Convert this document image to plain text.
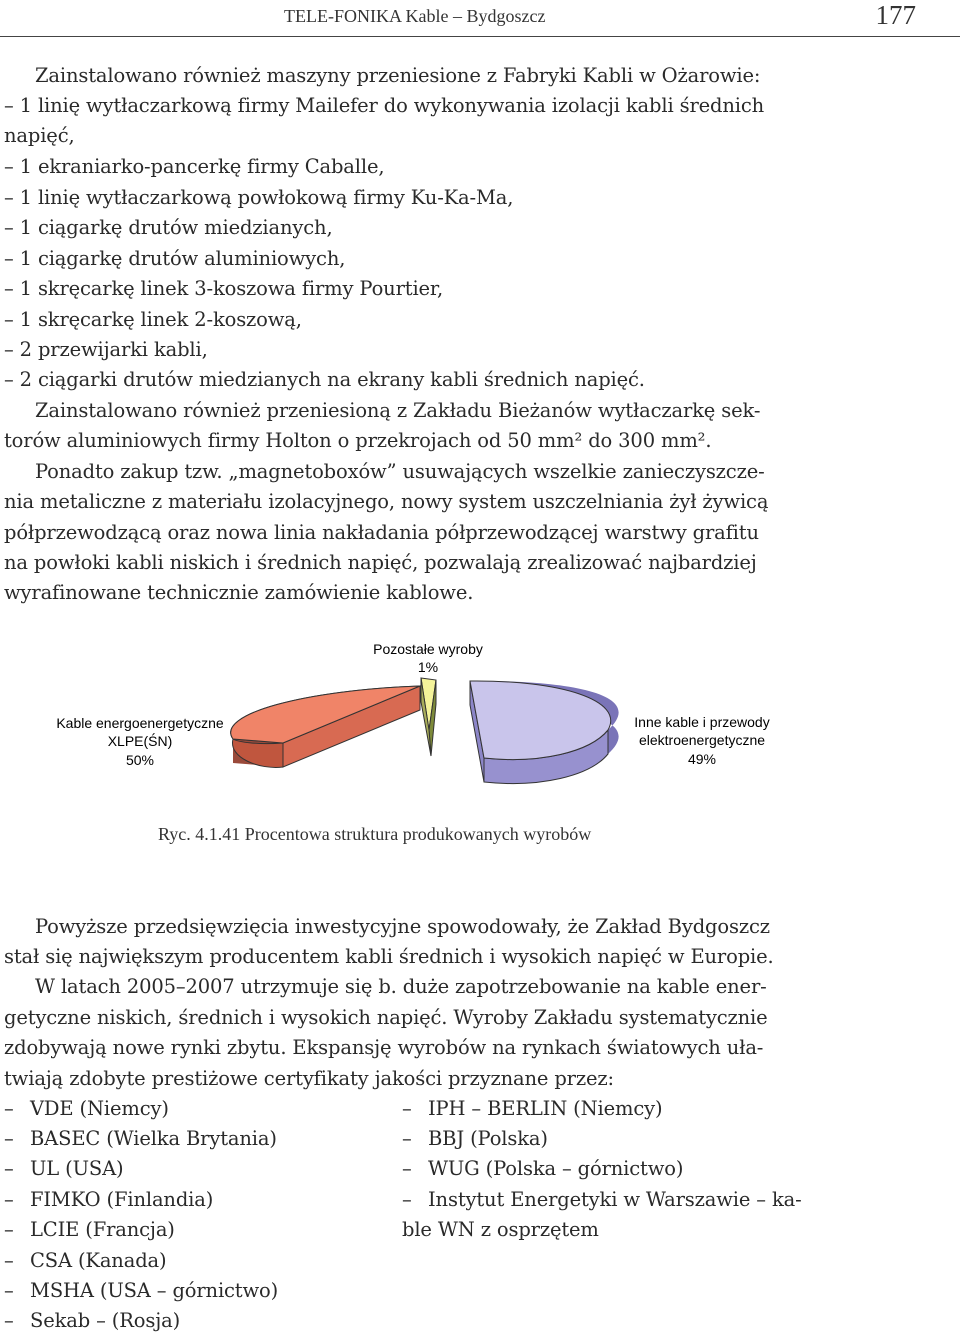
TELE-FONIKA Kable – Bydgoszcz	177
Zainstalowano również maszyny przeniesione z Fabryki Kabli w Ożarowie:
– 1 linię wytłaczarkową firmy Mailefer do wykonywania izolacji kabli średnich
napięć,
– 1 ekraniarko-pancerkę firmy Caballe,
– 1 linię wytłaczarkową powłokową firmy Ku-Ka-Ma,
– 1 ciągarkę drutów miedzianych,
– 1 ciągarkę drutów aluminiowych,
– 1 skręcarkę linek 3-koszowa firmy Pourtier,
– 1 skręcarkę linek 2-koszową,
– 2 przewijarki kabli,
– 2 ciągarki drutów miedzianych na ekrany kabli średnich napięć.
Zainstalowano również przeniesioną z Zakładu Bieżanów wytłaczarkę sek-
torów aluminiowych firmy Holton o przekrojach od 50 mm² do 300 mm².
Ponadto zakup tzw. „magnetoboxów” usuwających wszelkie zanieczyszcze-
nia metaliczne z materiału izolacyjnego, nowy system uszczelniania żył żywicą
półprzewodzącą oraz nowa linia nakładania półprzewodzącej warstwy grafitu
na powłoki kabli niskich i średnich napięć, pozwalają zrealizować najbardziej
wyrafinowane technicznie zamówienie kablowe.
Pozostałe wyroby
1%
Kable energoenergetyczne
XLPE(ŚN)
50%
Inne kable i przewody
elektroenergetyczne
49%
Ryc. 4.1.41 Procentowa struktura produkowanych wyrobów
Powyższe przedsięwzięcia inwestycyjne spowodowały, że Zakład Bydgoszcz
stał się największym producentem kabli średnich i wysokich napięć w Europie.
W latach 2005–2007 utrzymuje się b. duże zapotrzebowanie na kable ener-
getyczne niskich, średnich i wysokich napięć. Wyroby Zakładu systematycznie
zdobywają nowe rynki zbytu. Ekspansję wyrobów na rynkach światowych uła-
twiają zdobyte prestiżowe certyfikaty jakości przyznane przez:
– VDE (Niemcy)
– BASEC (Wielka Brytania)
– UL (USA)
– FIMKO (Finlandia)
– LCIE (Francja)
– CSA (Kanada)
– MSHA (USA – górnictwo)
– Sekab – (Rosja)
– IPH – BERLIN (Niemcy)
– BBJ (Polska)
– WUG (Polska – górnictwo)
– Instytut Energetyki w Warszawie – ka-
ble WN z osprzętem
